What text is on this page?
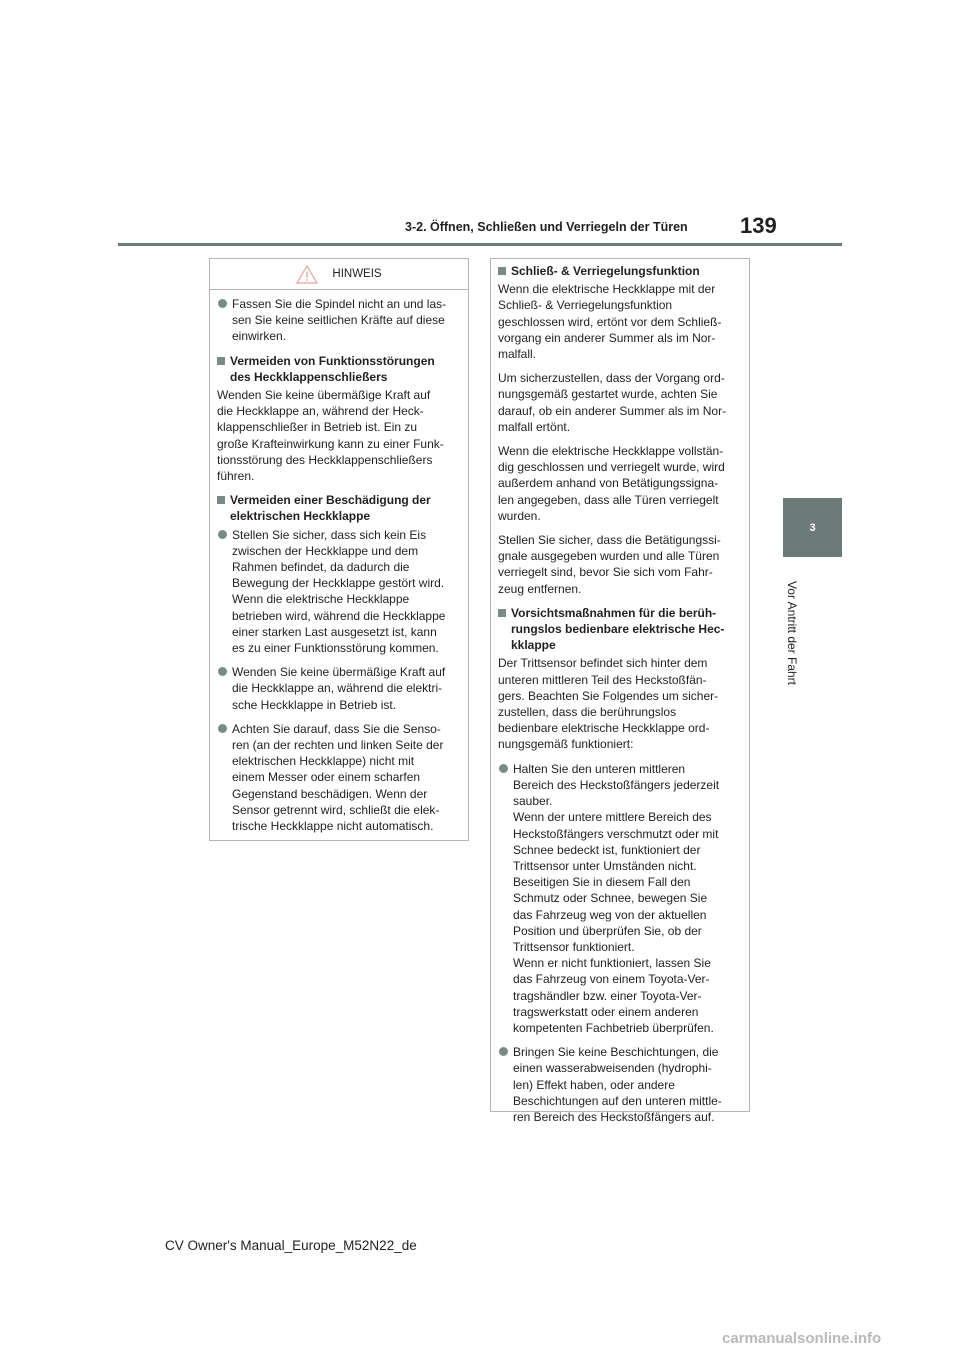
3-2. Öffnen, Schließen und Verriegeln der Türen 139
3
Vor Antritt der Fahrt
HINWEIS
Fassen Sie die Spindel nicht an und las-
sen Sie keine seitlichen Kräfte auf diese
einwirken.
Vermeiden von Funktionsstörungen
des Heckklappenschließers

Wenden Sie keine übermäßige Kraft auf
die Heckklappe an, während der Heck-
klappenschließer in Betrieb ist. Ein zu
große Krafteinwirkung kann zu einer Funk-
tionsstörung des Heckklappenschließers
führen.

Vermeiden einer Beschädigung der
elektrischen Heckklappe
Stellen Sie sicher, dass sich kein Eis
zwischen der Heckklappe und dem
Rahmen befindet, da dadurch die
Bewegung der Heckklappe gestört wird.
Wenn die elektrische Heckklappe
betrieben wird, während die Heckklappe
einer starken Last ausgesetzt ist, kann
es zu einer Funktionsstörung kommen.
Wenden Sie keine übermäßige Kraft auf
die Heckklappe an, während die elektri-
sche Heckklappe in Betrieb ist.
Achten Sie darauf, dass Sie die Senso-
ren (an der rechten und linken Seite der
elektrischen Heckklappe) nicht mit
einem Messer oder einem scharfen
Gegenstand beschädigen. Wenn der
Sensor getrennt wird, schließt die elek-
trische Heckklappe nicht automatisch.
Schließ- & Verriegelungsfunktion

Wenn die elektrische Heckklappe mit der
Schließ- & Verriegelungsfunktion
geschlossen wird, ertönt vor dem Schließ-
vorgang ein anderer Summer als im Nor-
malfall.

Um sicherzustellen, dass der Vorgang ord-
nungsgemäß gestartet wurde, achten Sie
darauf, ob ein anderer Summer als im Nor-
malfall ertönt.

Wenn die elektrische Heckklappe vollstän-
dig geschlossen und verriegelt wurde, wird
außerdem anhand von Betätigungssigna-
len angegeben, dass alle Türen verriegelt
wurden.

Stellen Sie sicher, dass die Betätigungssi-
gnale ausgegeben wurden und alle Türen
verriegelt sind, bevor Sie sich vom Fahr-
zeug entfernen.

Vorsichtsmaßnahmen für die berüh-
rungslos bedienbare elektrische Hec-
kklappe

Der Trittsensor befindet sich hinter dem
unteren mittleren Teil des Heckstoßfän-
gers. Beachten Sie Folgendes um sicher-
zustellen, dass die berührungslos
bedienbare elektrische Heckklappe ord-
nungsgemäß funktioniert:

Halten Sie den unteren mittleren
Bereich des Heckstoßfängers jederzeit
sauber.
Wenn der untere mittlere Bereich des
Heckstoßfängers verschmutzt oder mit
Schnee bedeckt ist, funktioniert der
Trittsensor unter Umständen nicht.
Beseitigen Sie in diesem Fall den
Schmutz oder Schnee, bewegen Sie
das Fahrzeug weg von der aktuellen
Position und überprüfen Sie, ob der
Trittsensor funktioniert.
Wenn er nicht funktioniert, lassen Sie
das Fahrzeug von einem Toyota-Ver-
tragshändler bzw. einer Toyota-Ver-
tragswerkstatt oder einem anderen
kompetenten Fachbetrieb überprüfen.
Bringen Sie keine Beschichtungen, die
einen wasserabweisenden (hydrophi-
len) Effekt haben, oder andere
Beschichtungen auf den unteren mittle-
ren Bereich des Heckstoßfängers auf.
CV Owner's Manual_Europe_M52N22_de
carmanualsonline.info
